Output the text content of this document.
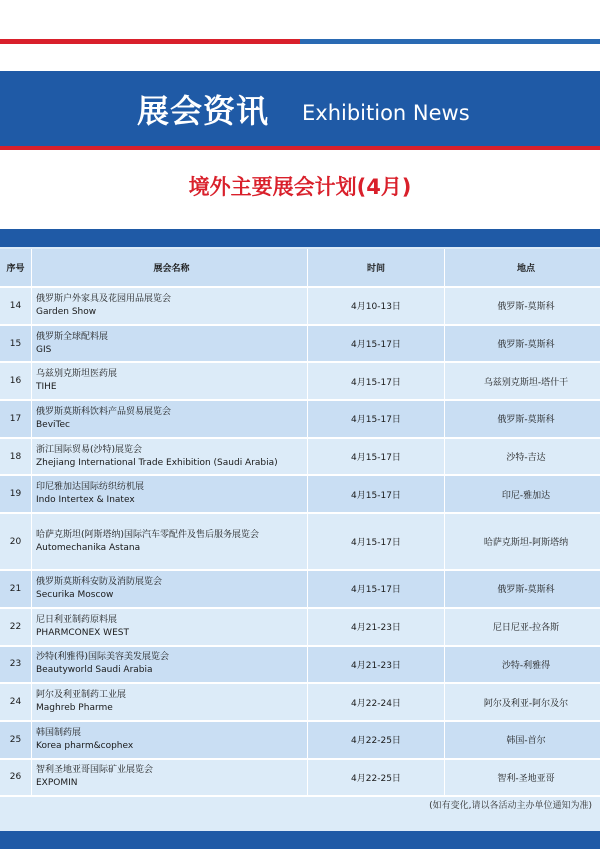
展会资讯 Exhibition News
境外主要展会计划(4月)
序号	展会名称	时间	地点
14	俄罗斯户外家具及花园用品展览会
Garden Show	4月10-13日	俄罗斯-莫斯科
15	俄罗斯全球配料展
GIS	4月15-17日	俄罗斯-莫斯科
16	乌兹别克斯坦医药展
TIHE	4月15-17日	乌兹别克斯坦-塔什干
17	俄罗斯莫斯科饮料产品贸易展览会
BeviTec	4月15-17日	俄罗斯-莫斯科
18	浙江国际贸易(沙特)展览会
Zhejiang International Trade Exhibition (Saudi Arabia)	4月15-17日	沙特-吉达
19	印尼雅加达国际纺织纺机展
Indo Intertex & Inatex	4月15-17日	印尼-雅加达
20	哈萨克斯坦(阿斯塔纳)国际汽车零配件及售后服务展览会
Automechanika Astana	4月15-17日	哈萨克斯坦-阿斯塔纳
21	俄罗斯莫斯科安防及消防展览会
Securika Moscow	4月15-17日	俄罗斯-莫斯科
22	尼日利亚制药原料展
PHARMCONEX WEST	4月21-23日	尼日尼亚-拉各斯
23	沙特(利雅得)国际美容美发展览会
Beautyworld Saudi Arabia	4月21-23日	沙特-利雅得
24	阿尔及利亚制药工业展
Maghreb Pharme	4月22-24日	阿尔及利亚-阿尔及尔
25	韩国制药展
Korea pharm&cophex	4月22-25日	韩国-首尔
26	智利圣地亚哥国际矿业展览会
EXPOMIN	4月22-25日	智利-圣地亚哥
(如有变化,请以各活动主办单位通知为准)
